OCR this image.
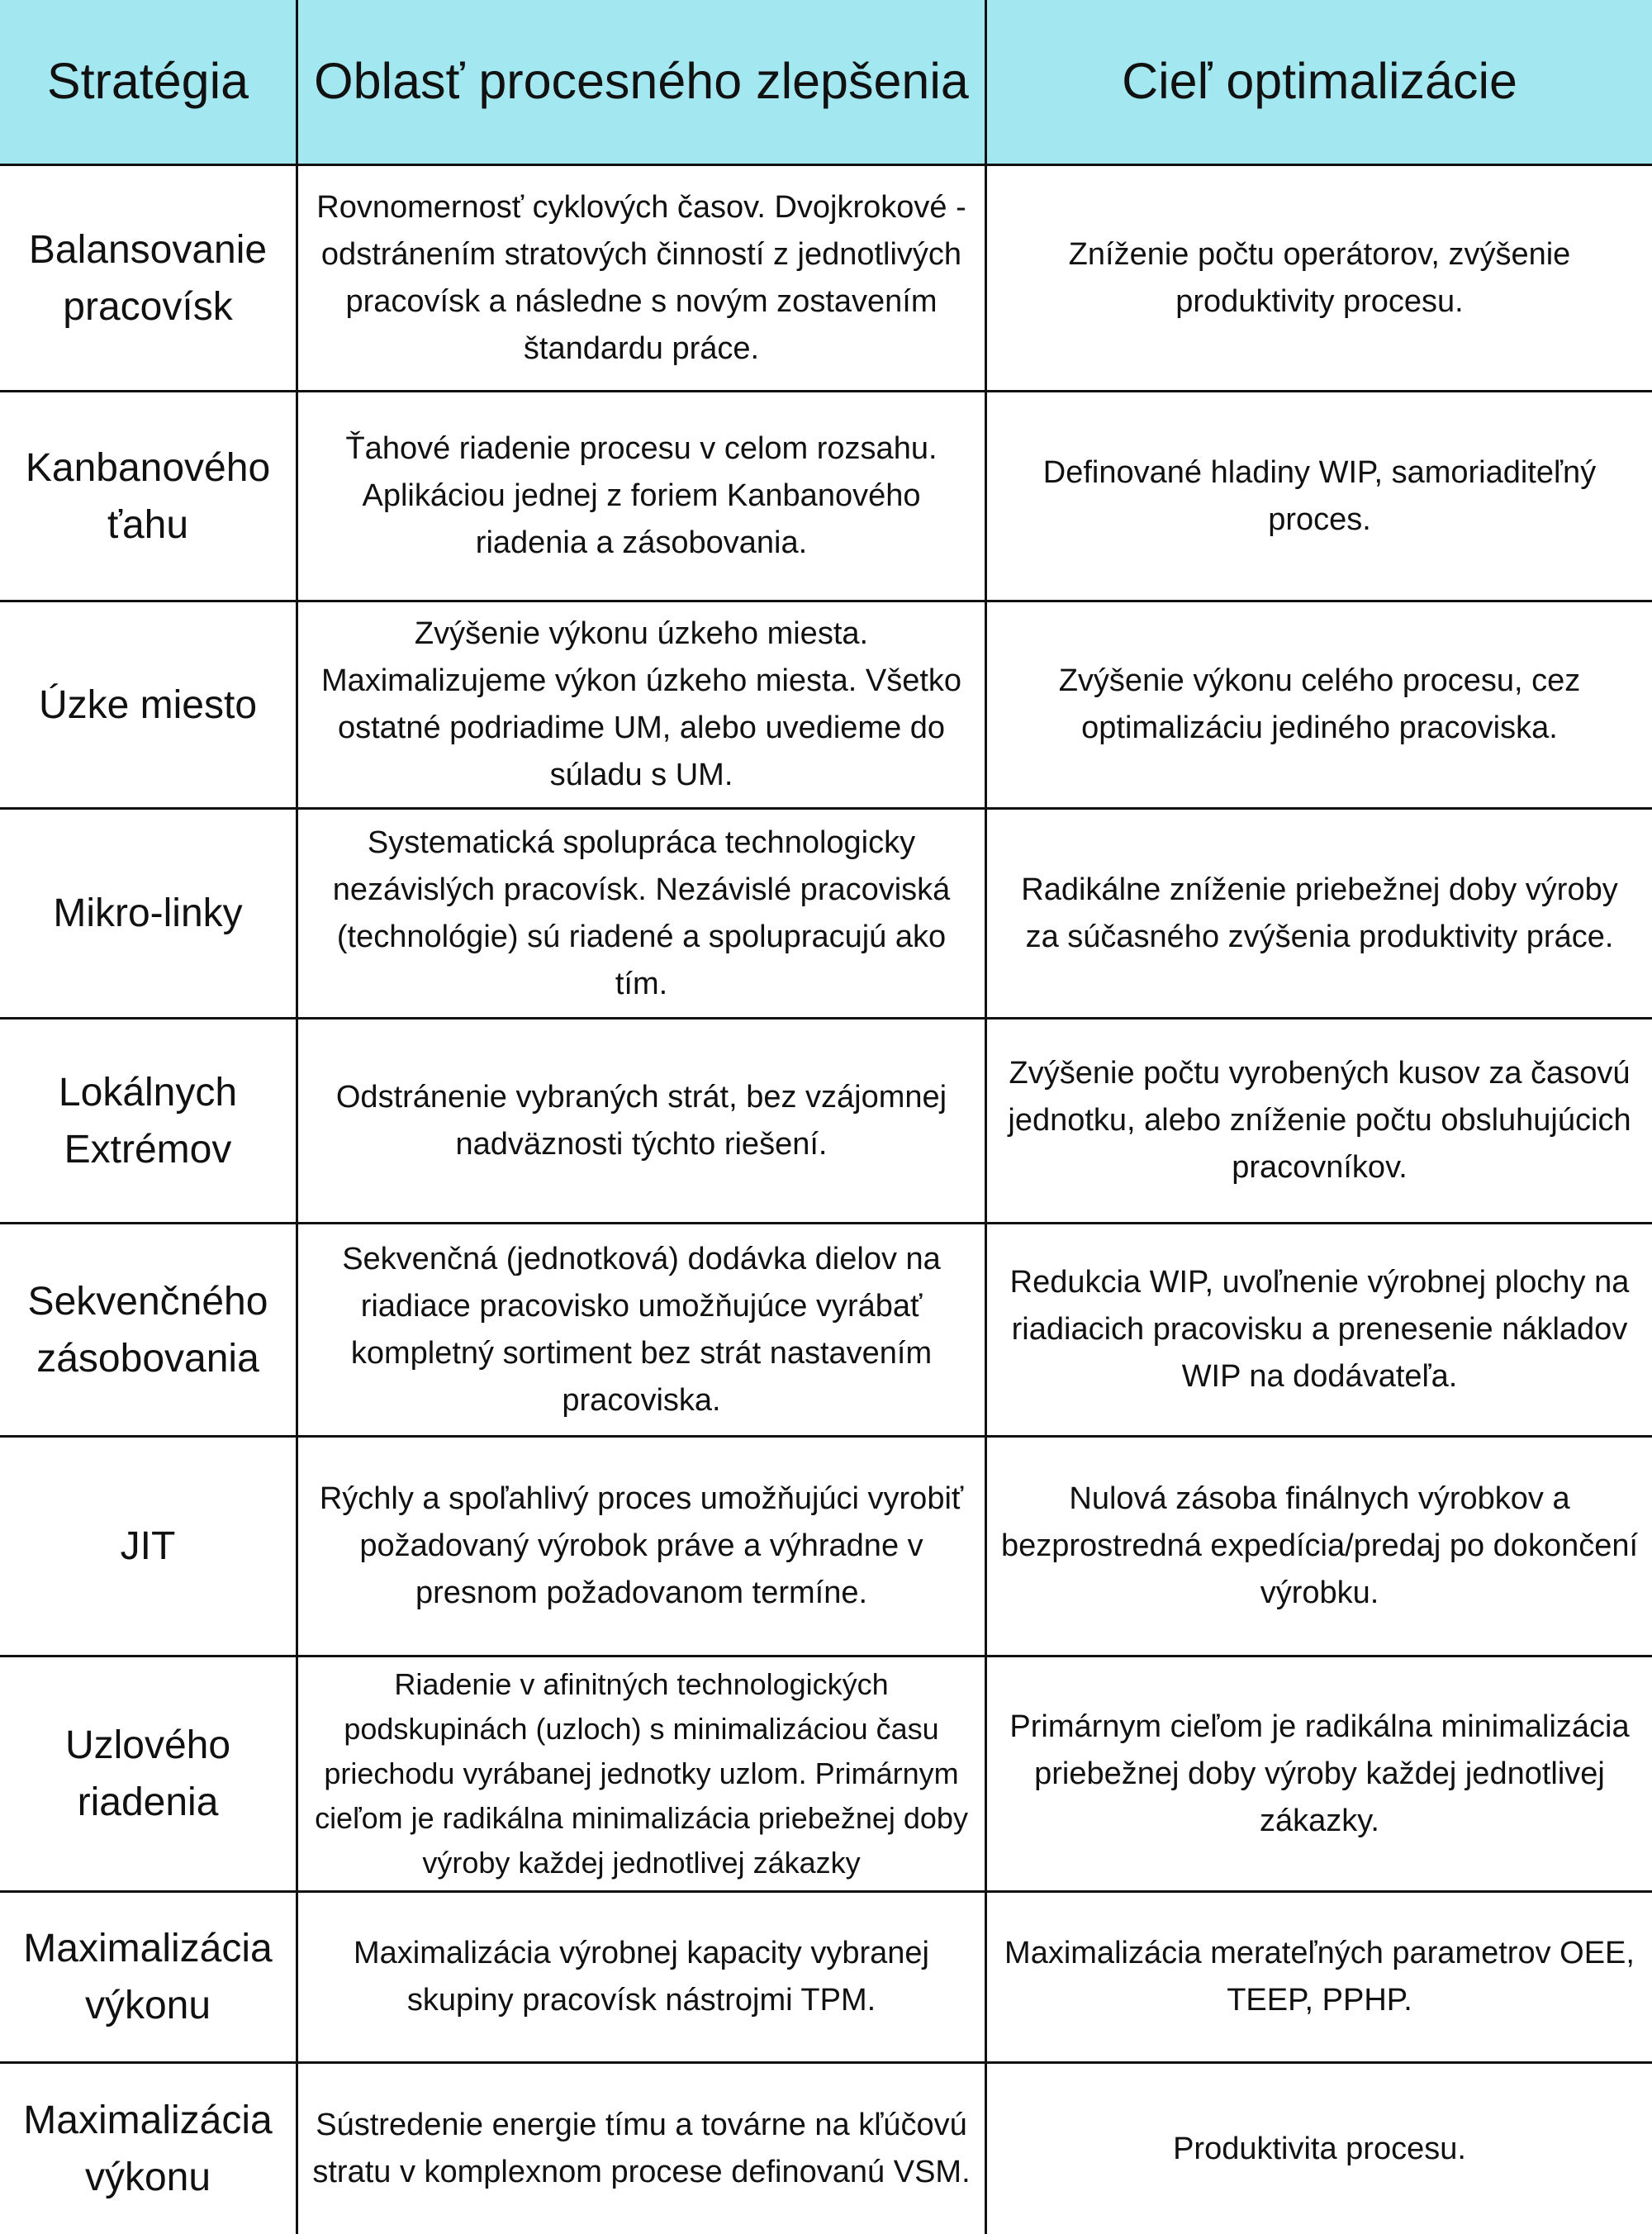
Stratégia Oblasť procesného zlepšenia	Cieľ optimalizácie
Balansovanie pracovísk
Rovnomernosť cyklových časov. Dvojkrokové - odstránením stratových činností z jednotlivých pracovísk a následne s novým zostavením štandardu práce.
Zníženie počtu operátorov, zvýšenie produktivity procesu.
Kanbanového ťahu
Ťahové riadenie procesu v celom rozsahu. Aplikáciou jednej z foriem Kanbanového riadenia a zásobovania.
Definované hladiny WIP, samoriaditeľný proces.
Úzke miesto
Zvýšenie výkonu úzkeho miesta. Maximalizujeme výkon úzkeho miesta. Všetko ostatné podriadime UM, alebo uvedieme do súladu s UM.
Zvýšenie výkonu celého procesu, cez optimalizáciu jediného pracoviska.
Mikro-linky
Systematická spolupráca technologicky nezávislých pracovísk. Nezávislé pracoviská (technológie) sú riadené a spolupracujú ako tím.
Radikálne zníženie priebežnej doby výroby za súčasného zvýšenia produktivity práce.
Lokálnych Extrémov
Odstránenie vybraných strát, bez vzájomnej nadväznosti týchto riešení.
Zvýšenie počtu vyrobených kusov za časovú jednotku, alebo zníženie počtu obsluhujúcich pracovníkov.
Sekvenčného zásobovania
Sekvenčná (jednotková) dodávka dielov na riadiace pracovisko umožňujúce vyrábať kompletný sortiment bez strát nastavením pracoviska.
Redukcia WIP, uvoľnenie výrobnej plochy na riadiacich pracovisku a prenesenie nákladov WIP na dodávateľa.
JIT
Rýchly a spoľahlivý proces umožňujúci vyrobiť požadovaný výrobok práve a výhradne v presnom požadovanom termíne.
Nulová zásoba finálnych výrobkov a bezprostredná expedícia/predaj po dokončení výrobku.
Uzlového riadenia
Riadenie v afinitných technologických podskupinách (uzloch) s minimalizáciou času priechodu vyrábanej jednotky uzlom. Primárnym cieľom je radikálna minimalizácia priebežnej doby výroby každej jednotlivej zákazky
Primárnym cieľom je radikálna minimalizácia priebežnej doby výroby každej jednotlivej zákazky.
Maximalizácia výkonu
Maximalizácia výrobnej kapacity vybranej skupiny pracovísk nástrojmi TPM.
Maximalizácia merateľných parametrov OEE, TEEP, PPHP.
Maximalizácia výkonu
Sústredenie energie tímu a továrne na kľúčovú stratu v komplexnom procese definovanú VSM.
Produktivita procesu.
